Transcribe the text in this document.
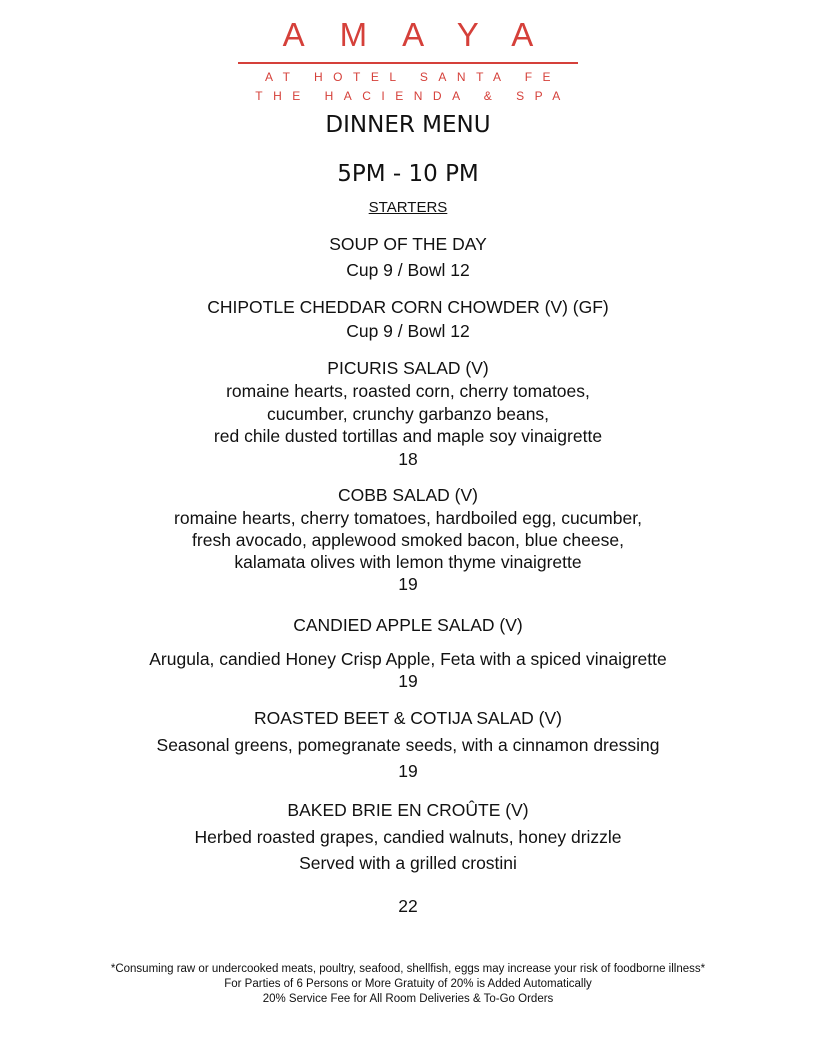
AMAYA
AT HOTEL SANTA FE
THE HACIENDA & SPA
DINNER MENU
5PM - 10 PM
STARTERS
SOUP OF THE DAY
Cup 9 / Bowl 12
CHIPOTLE CHEDDAR CORN CHOWDER (V) (GF)
Cup 9 / Bowl 12
PICURIS SALAD (V)
romaine hearts, roasted corn, cherry tomatoes,
cucumber, crunchy garbanzo beans,
red chile dusted tortillas and maple soy vinaigrette
18
COBB SALAD (V)
romaine hearts, cherry tomatoes, hardboiled egg, cucumber,
fresh avocado, applewood smoked bacon, blue cheese,
kalamata olives with lemon thyme vinaigrette
19
CANDIED APPLE SALAD (V)
Arugula, candied Honey Crisp Apple, Feta with a spiced vinaigrette
19
ROASTED BEET & COTIJA SALAD (V)
Seasonal greens, pomegranate seeds, with a cinnamon dressing
19
BAKED BRIE EN CROÛTE (V)
Herbed roasted grapes, candied walnuts, honey drizzle
Served with a grilled crostini
22
*Consuming raw or undercooked meats, poultry, seafood, shellfish, eggs may increase your risk of foodborne illness*
For Parties of 6 Persons or More Gratuity of 20% is Added Automatically
20% Service Fee for All Room Deliveries & To-Go Orders
